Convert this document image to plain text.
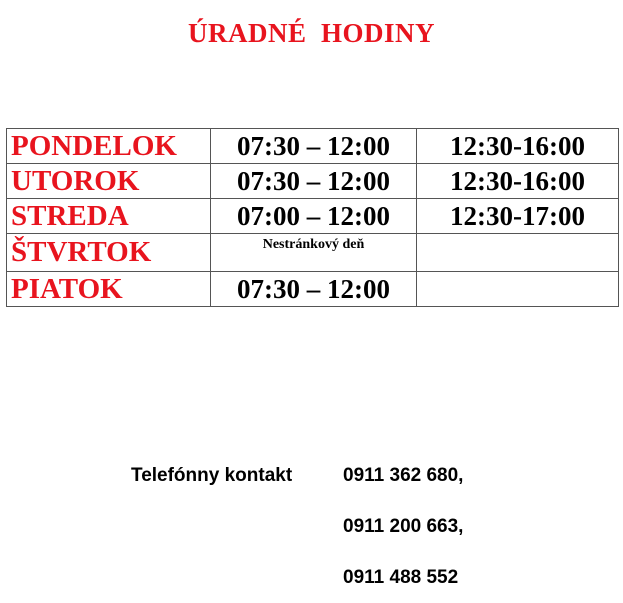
ÚRADNÉ  HODINY
PONDELOK	07:30 – 12:00	12:30-16:00
UTOROK	07:30 – 12:00	12:30-16:00
STREDA	07:00 – 12:00	12:30-17:00
ŠTVRTOK	Nestránkový deň	
PIATOK	07:30 – 12:00	
Telefónny kontakt	0911 362 680,
0911 200 663,
0911 488 552
